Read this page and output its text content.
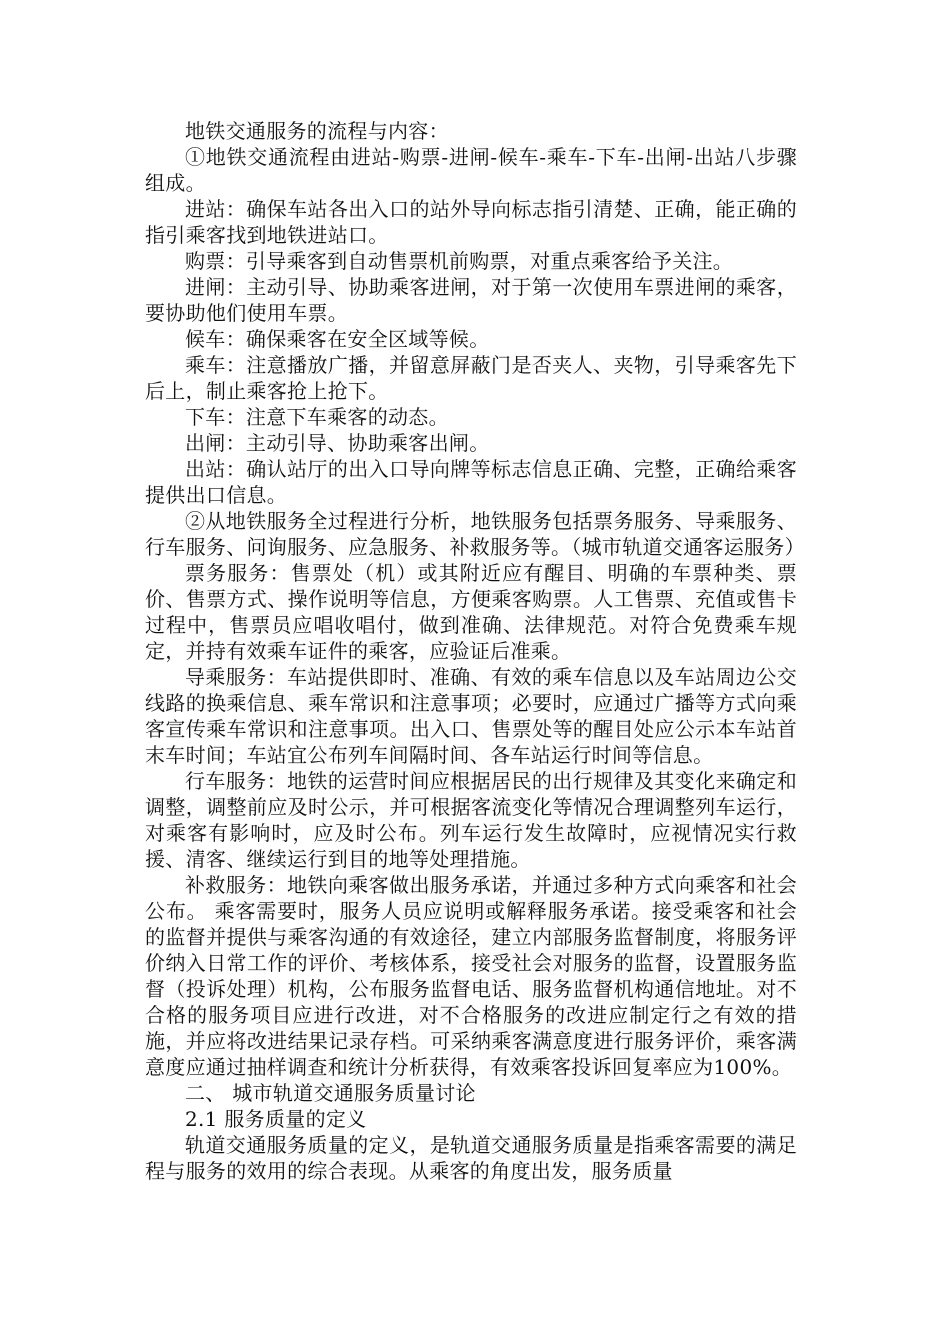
地铁交通服务的流程与内容：

①地铁交通流程由进站-购票-进闸-候车-乘车-下车-出闸-出站八步骤组成。

进站：确保车站各出入口的站外导向标志指引清楚、正确，能正确的指引乘客找到地铁进站口。

购票：引导乘客到自动售票机前购票，对重点乘客给予关注。

进闸：主动引导、协助乘客进闸，对于第一次使用车票进闸的乘客，要协助他们使用车票。

候车：确保乘客在安全区域等候。

乘车：注意播放广播，并留意屏蔽门是否夹人、夹物，引导乘客先下后上，制止乘客抢上抢下。

下车：注意下车乘客的动态。

出闸：主动引导、协助乘客出闸。

出站：确认站厅的出入口导向牌等标志信息正确、完整，正确给乘客提供出口信息。

②从地铁服务全过程进行分析，地铁服务包括票务服务、导乘服务、行车服务、问询服务、应急服务、补救服务等。（城市轨道交通客运服务）

票务服务：售票处（机）或其附近应有醒目、明确的车票种类、票价、售票方式、操作说明等信息，方便乘客购票。人工售票、充值或售卡过程中，售票员应唱收唱付，做到准确、法律规范。对符合免费乘车规定，并持有效乘车证件的乘客，应验证后准乘。

导乘服务：车站提供即时、准确、有效的乘车信息以及车站周边公交线路的换乘信息、乘车常识和注意事项；必要时，应通过广播等方式向乘客宣传乘车常识和注意事项。出入口、售票处等的醒目处应公示本车站首末车时间；车站宜公布列车间隔时间、各车站运行时间等信息。

行车服务：地铁的运营时间应根据居民的出行规律及其变化来确定和调整，调整前应及时公示，并可根据客流变化等情况合理调整列车运行，对乘客有影响时，应及时公布。列车运行发生故障时，应视情况实行救援、清客、继续运行到目的地等处理措施。

补救服务：地铁向乘客做出服务承诺，并通过多种方式向乘客和社会公布。 乘客需要时，服务人员应说明或解释服务承诺。接受乘客和社会的监督并提供与乘客沟通的有效途径，建立内部服务监督制度，将服务评价纳入日常工作的评价、考核体系，接受社会对服务的监督，设置服务监督（投诉处理）机构，公布服务监督电话、服务监督机构通信地址。对不合格的服务项目应进行改进，对不合格服务的改进应制定行之有效的措施，并应将改进结果记录存档。可采纳乘客满意度进行服务评价，乘客满意度应通过抽样调查和统计分析获得，有效乘客投诉回复率应为100%。

二、 城市轨道交通服务质量讨论

2.1 服务质量的定义

轨道交通服务质量的定义，是轨道交通服务质量是指乘客需要的满足程与服务的效用的综合表现。从乘客的角度出发，服务质量
